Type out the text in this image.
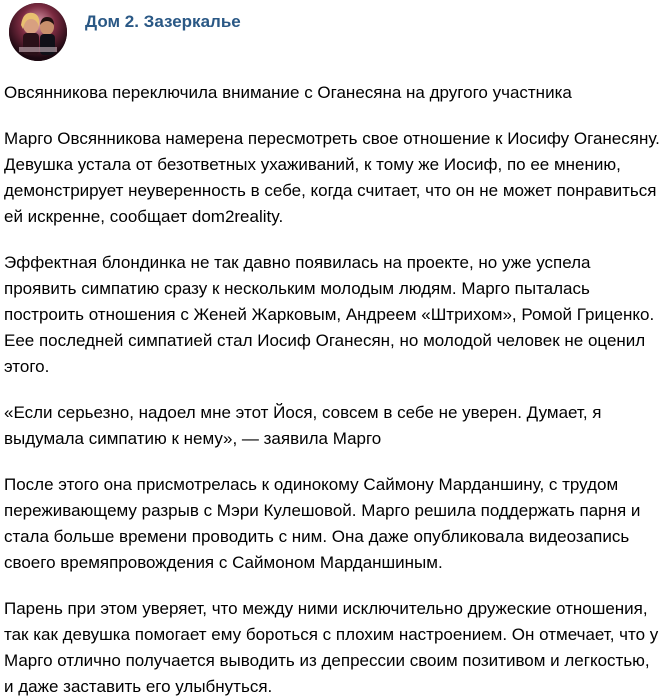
Дом 2. Зазеркалье

Овсянникова переключила внимание с Оганесяна на другого участника

Марго Овсянникова намерена пересмотреть свое отношение к Иосифу Оганесяну.
Девушка устала от безответных ухаживаний, к тому же Иосиф, по ее мнению,
демонстрирует неуверенность в себе, когда считает, что он не может понравиться
ей искренне, сообщает dom2reality.

Эффектная блондинка не так давно появилась на проекте, но уже успела
проявить симпатию сразу к нескольким молодым людям. Марго пыталась
построить отношения с Женей Жарковым, Андреем «Штрихом», Ромой Гриценко.
Еее последней симпатией стал Иосиф Оганесян, но молодой человек не оценил
этого.

«Если серьезно, надоел мне этот Йося, совсем в себе не уверен. Думает, я
выдумала симпатию к нему», — заявила Марго

После этого она присмотрелась к одинокому Саймону Марданшину, с трудом
переживающему разрыв с Мэри Кулешовой. Марго решила поддержать парня и
стала больше времени проводить с ним. Она даже опубликовала видеозапись
своего времяпровождения с Саймоном Марданшиным.

Парень при этом уверяет, что между ними исключительно дружеские отношения,
так как девушка помогает ему бороться с плохим настроением. Он отмечает, что у
Марго отлично получается выводить из депрессии своим позитивом и легкостью,
и даже заставить его улыбнуться.
